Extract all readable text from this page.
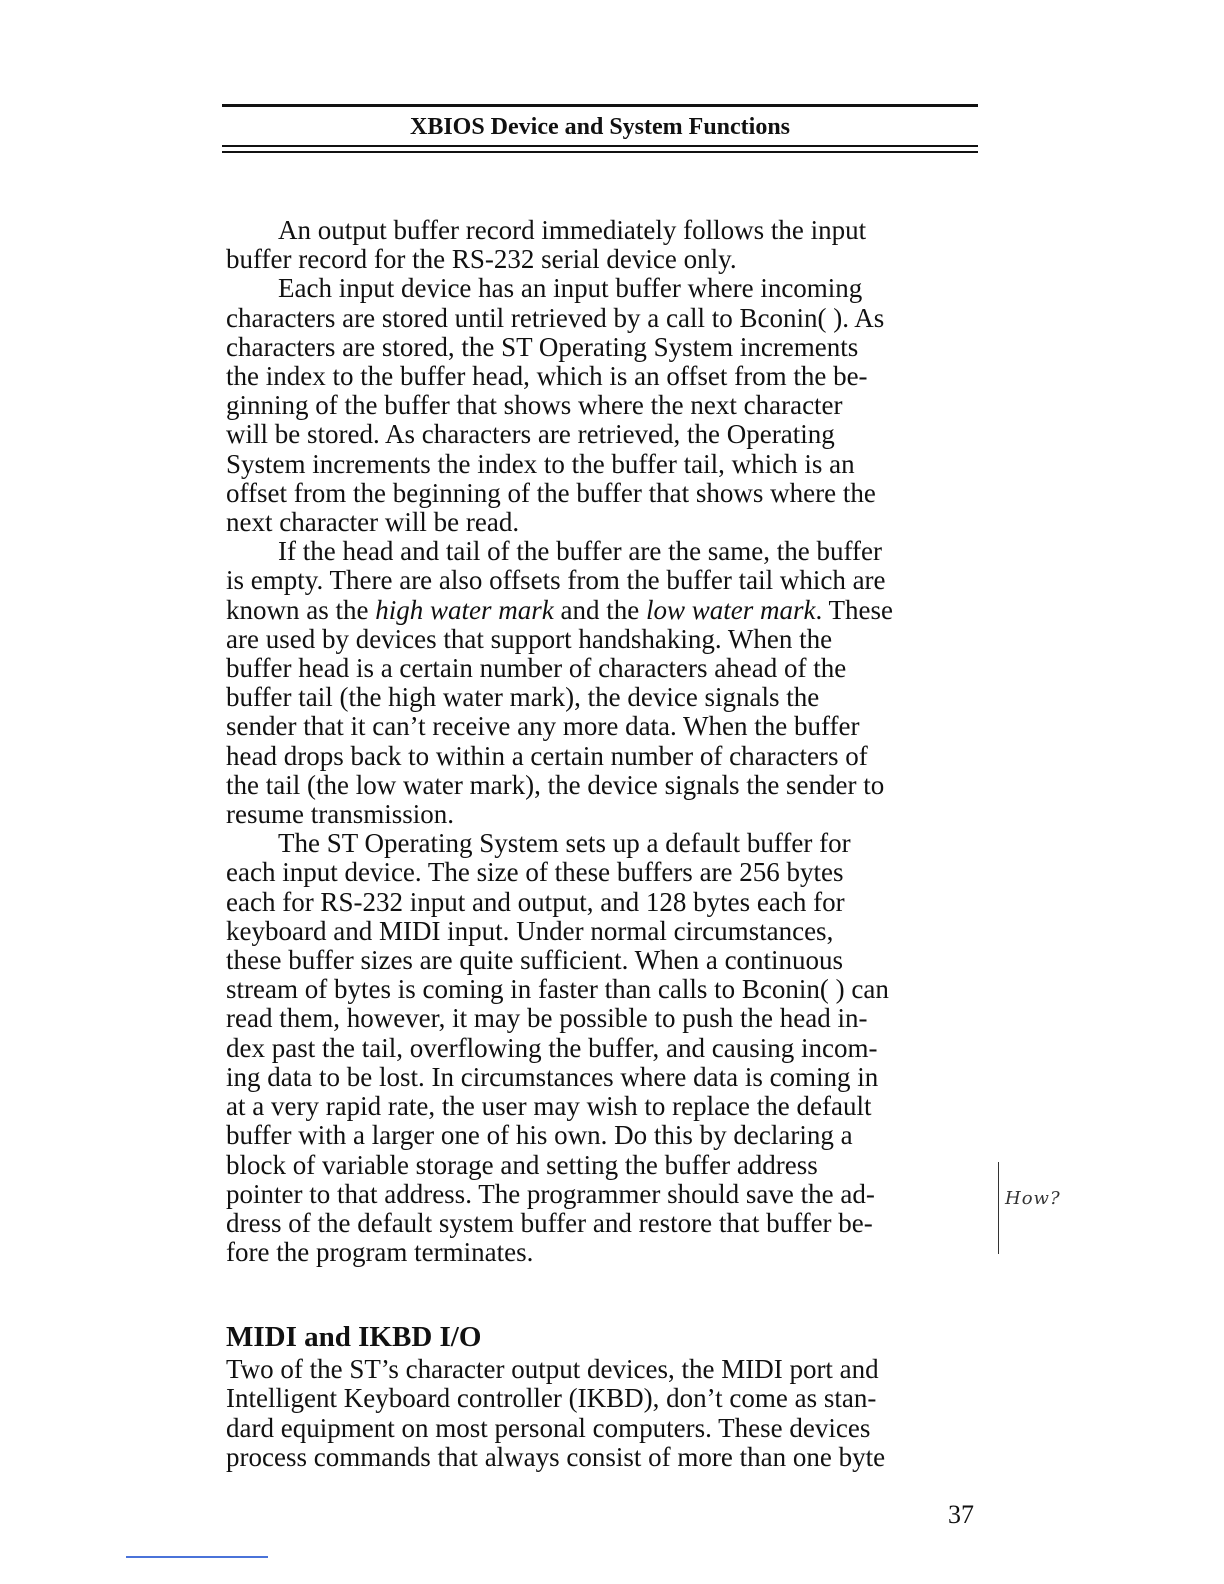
XBIOS Device and System Functions
An output buffer record immediately follows the input
buffer record for the RS-232 serial device only.
Each input device has an input buffer where incoming
characters are stored until retrieved by a call to Bconin( ). As
characters are stored, the ST Operating System increments
the index to the buffer head, which is an offset from the be-
ginning of the buffer that shows where the next character
will be stored. As characters are retrieved, the Operating
System increments the index to the buffer tail, which is an
offset from the beginning of the buffer that shows where the
next character will be read.
If the head and tail of the buffer are the same, the buffer
is empty. There are also offsets from the buffer tail which are
known as the high water mark and the low water mark. These
are used by devices that support handshaking. When the
buffer head is a certain number of characters ahead of the
buffer tail (the high water mark), the device signals the
sender that it can’t receive any more data. When the buffer
head drops back to within a certain number of characters of
the tail (the low water mark), the device signals the sender to
resume transmission.
The ST Operating System sets up a default buffer for
each input device. The size of these buffers are 256 bytes
each for RS-232 input and output, and 128 bytes each for
keyboard and MIDI input. Under normal circumstances,
these buffer sizes are quite sufficient. When a continuous
stream of bytes is coming in faster than calls to Bconin( ) can
read them, however, it may be possible to push the head in-
dex past the tail, overflowing the buffer, and causing incom-
ing data to be lost. In circumstances where data is coming in
at a very rapid rate, the user may wish to replace the default
buffer with a larger one of his own. Do this by declaring a
block of variable storage and setting the buffer address
pointer to that address. The programmer should save the ad-
dress of the default system buffer and restore that buffer be-
fore the program terminates.
How?
MIDI and IKBD I/O
Two of the ST’s character output devices, the MIDI port and
Intelligent Keyboard controller (IKBD), don’t come as stan-
dard equipment on most personal computers. These devices
process commands that always consist of more than one byte
37
